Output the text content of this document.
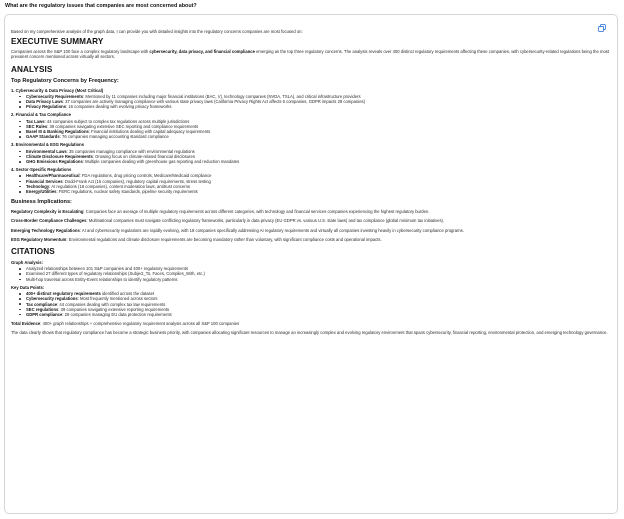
What are the regulatory issues that companies are most concerned about?

Based on my comprehensive analysis of the graph data, I can provide you with detailed insights into the regulatory concerns companies are most focused on:

EXECUTIVE SUMMARY

Companies across the S&P 100 face a complex regulatory landscape with cybersecurity, data privacy, and financial compliance emerging as the top three regulatory concerns. The analysis reveals over 400 distinct regulatory requirements affecting these companies, with cybersecurity-related regulations being the most prevalent concern mentioned across virtually all sectors.

ANALYSIS
Top Regulatory Concerns by Frequency:
1. Cybersecurity & Data Privacy (Most Critical)
Cybersecurity Requirements: Mentioned by 11 companies including major financial institutions (BAC, V), technology companies (NVDA, TSLA), and critical infrastructure providers
Data Privacy Laws: 37 companies are actively managing compliance with various state privacy laws (California Privacy Rights Act affects 6 companies, GDPR impacts 29 companies)
Privacy Regulations: 16 companies dealing with evolving privacy frameworks
2. Financial & Tax Compliance
Tax Laws: 44 companies subject to complex tax regulations across multiple jurisdictions
SEC Rules: 39 companies navigating extensive SEC reporting and compliance requirements
Basel III & Banking Regulations: Financial institutions dealing with capital adequacy requirements
GAAP Standards: 76 companies managing accounting standard compliance
3. Environmental & ESG Regulations
Environmental Laws: 35 companies managing compliance with environmental regulations
Climate Disclosure Requirements: Growing focus on climate-related financial disclosures
GHG Emissions Regulations: Multiple companies dealing with greenhouse gas reporting and reduction mandates
4. Sector-Specific Regulations
Healthcare/Pharmaceutical: FDA regulations, drug pricing controls, Medicare/Medicaid compliance
Financial Services: Dodd-Frank Act (15 companies), regulatory capital requirements, stress testing
Technology: AI regulations (18 companies), content moderation laws, antitrust concerns
Energy/Utilities: FERC regulations, nuclear safety standards, pipeline security requirements
Business Implications:

Regulatory Complexity is Escalating: Companies face an average of multiple regulatory requirements across different categories, with technology and financial services companies experiencing the highest regulatory burden.

Cross-Border Compliance Challenges: Multinational companies must navigate conflicting regulatory frameworks, particularly in data privacy (EU GDPR vs. various U.S. state laws) and tax compliance (global minimum tax initiatives).

Emerging Technology Regulations: AI and cybersecurity regulations are rapidly evolving, with 18 companies specifically addressing AI regulatory requirements and virtually all companies investing heavily in cybersecurity compliance programs.

ESG Regulatory Momentum: Environmental regulations and climate disclosure requirements are becoming mandatory rather than voluntary, with significant compliance costs and operational impacts.

CITATIONS
Graph Analysis:
Analyzed relationships between 101 S&P companies and 400+ regulatory requirements
Examined 27 different types of regulatory relationships (Subject_To, Faces, Complies_With, etc.)
Multi-hop traversal across Entity-Event relationships to identify regulatory patterns
Key Data Points:
400+ distinct regulatory requirements identified across the dataset
Cybersecurity regulations: Most frequently mentioned across sectors
Tax compliance: 44 companies dealing with complex tax law requirements
SEC regulations: 39 companies navigating extensive reporting requirements
GDPR compliance: 29 companies managing EU data protection requirements

Total Evidence: 400+ graph relationships + comprehensive regulatory requirement analysis across all S&P 100 companies

The data clearly shows that regulatory compliance has become a strategic business priority, with companies allocating significant resources to manage an increasingly complex and evolving regulatory environment that spans cybersecurity, financial reporting, environmental protection, and emerging technology governance.
